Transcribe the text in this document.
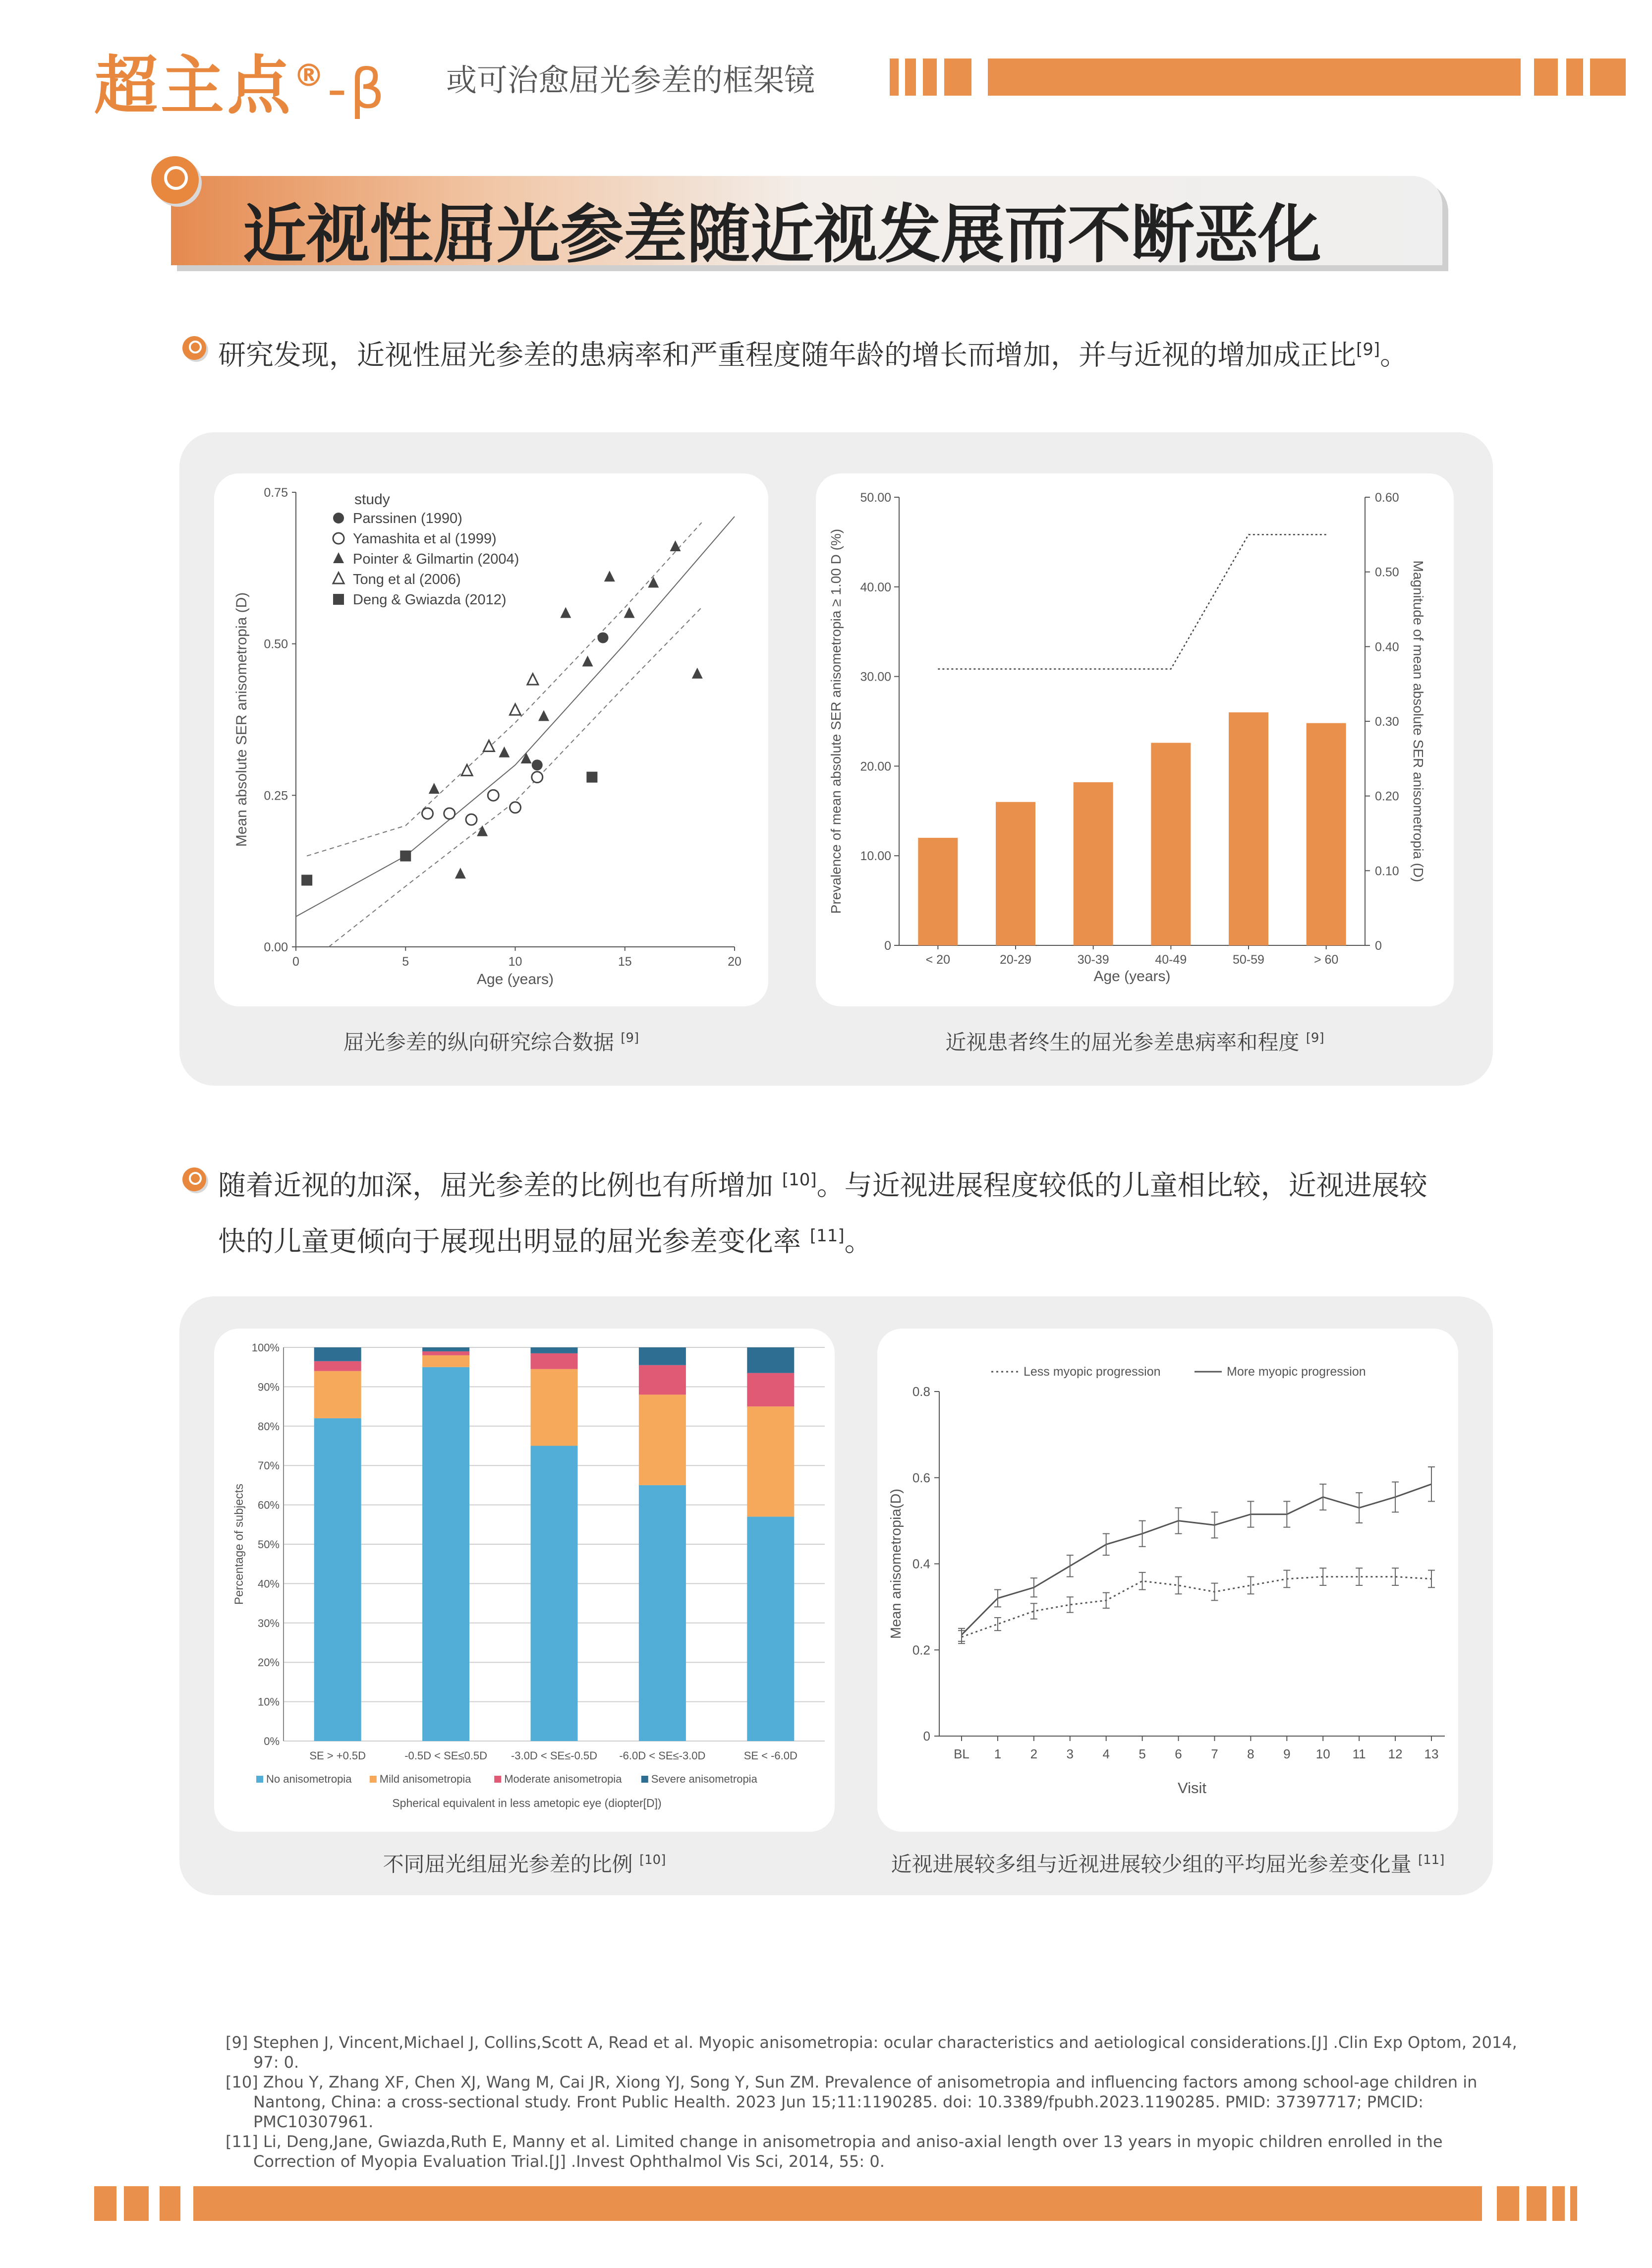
超主点®-β 或可治愈屈光参差的框架镜
近视性屈光参差随近视发展而不断恶化
研究发现，近视性屈光参差的患病率和严重程度随年龄的增长而增加，并与近视的增加成正比[9]。
0.00
0.25
0.50
0.75
0	5	10	15	20
Age (years)
Mean absolute SER anisometropia (D)
study
Parssinen (1990)
Yamashita et al (1999)
Pointer & Gilmartin (2004)
Tong et al (2006)
Deng & Gwiazda (2012)
0
10.00
20.00
30.00
40.00
50.00
0
0.10
0.20
0.30
0.40
0.50
0.60
< 20	20-29	30-39	40-49	50-59	> 60
Age (years)
Prevalence of mean absolute SER anisometropia ≥ 1.00 D (%)	Magnitude of mean absolute SER anisometropia (D)
屈光参差的纵向研究综合数据 [9]	近视患者终生的屈光参差患病率和程度 [9]
随着近视的加深，屈光参差的比例也有所增加 [10]。与近视进展程度较低的儿童相比较，近视进展较
快的儿童更倾向于展现出明显的屈光参差变化率 [11]。
0%
10%
20%
30%
40%
50%
60%
70%
80%
90%
100%
SE > +0.5D	-0.5D < SE≤0.5D -3.0D < SE≤-0.5D -6.0D < SE≤-3.0D	SE < -6.0D
Percentage of subjects
No anisometropia	Mild anisometropia	Moderate anisometropia	Severe anisometropia
Spherical equivalent in less ametopic eye (diopter[D])
0
0.2
0.4
0.6
0.8
BL 1 2 3 4 5 6 7 8 9 10 11 12 13
Visit
Mean anisometropia(D)
Less myopic progression	More myopic progression
不同屈光组屈光参差的比例 [10]	近视进展较多组与近视进展较少组的平均屈光参差变化量 [11]
[9] Stephen J, Vincent,Michael J, Collins,Scott A, Read et al. Myopic anisometropia: ocular characteristics and aetiological considerations.[J] .Clin Exp Optom, 2014, 97: 0.
[10] Zhou Y, Zhang XF, Chen XJ, Wang M, Cai JR, Xiong YJ, Song Y, Sun ZM. Prevalence of anisometropia and influencing factors among school-age children in Nantong, China: a cross-sectional study. Front Public Health. 2023 Jun 15;11:1190285. doi: 10.3389/fpubh.2023.1190285. PMID: 37397717; PMCID: PMC10307961.
[11] Li, Deng,Jane, Gwiazda,Ruth E, Manny et al. Limited change in anisometropia and aniso-axial length over 13 years in myopic children enrolled in the Correction of Myopia Evaluation Trial.[J] .Invest Ophthalmol Vis Sci, 2014, 55: 0.
